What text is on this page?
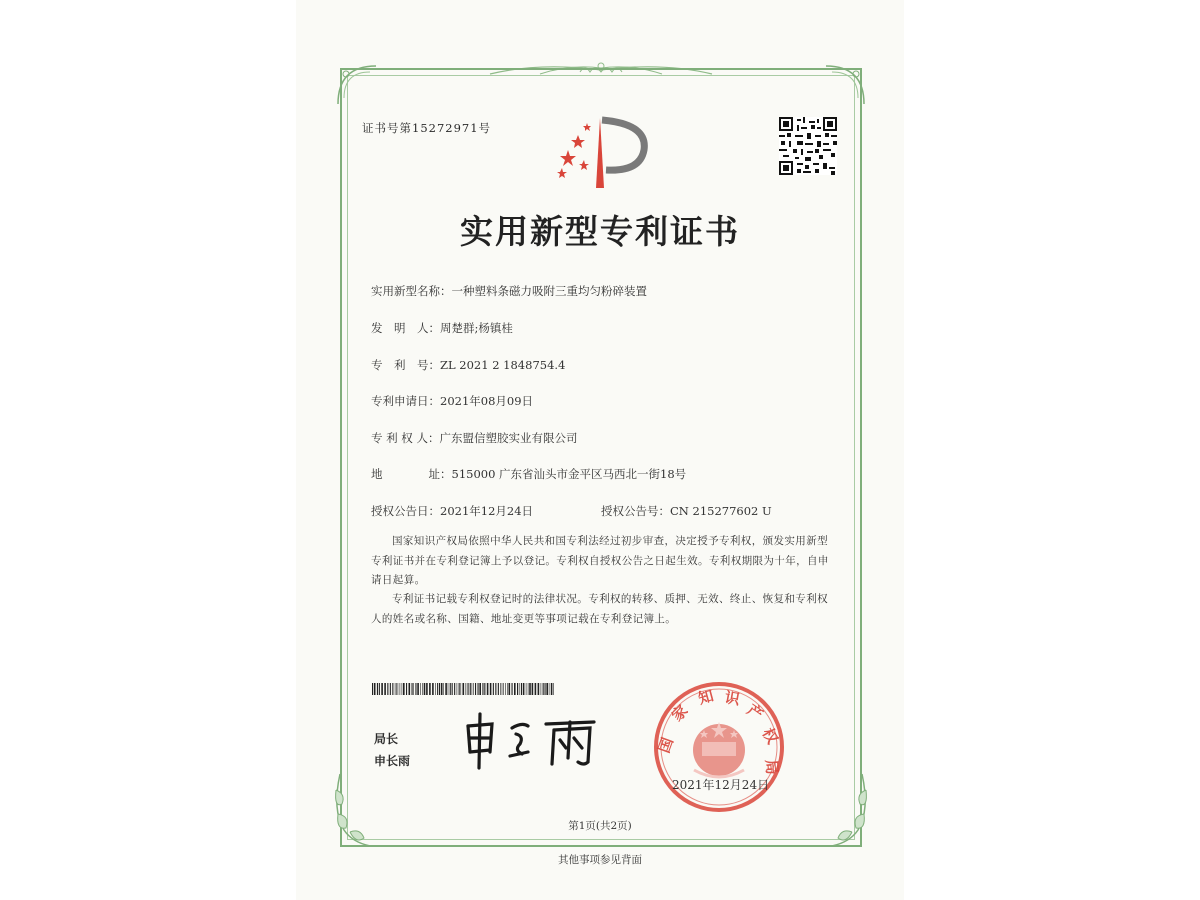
证书号第15272971号
实用新型专利证书
实用新型名称：一种塑料条磁力吸附三重均匀粉碎装置
发　明　人：周楚群;杨镇桂
专　利　号：ZL 2021 2 1848754.4
专利申请日：2021年08月09日
专 利 权 人：广东盟信塑胶实业有限公司
地　　　　址：515000 广东省汕头市金平区马西北一街18号
授权公告日：2021年12月24日	授权公告号：CN 215277602 U
国家知识产权局依照中华人民共和国专利法经过初步审查，决定授予专利权，颁发实用新型专利证书并在专利登记簿上予以登记。专利权自授权公告之日起生效。专利权期限为十年，自申请日起算。
专利证书记载专利权登记时的法律状况。专利权的转移、质押、无效、终止、恢复和专利权人的姓名或名称、国籍、地址变更等事项记载在专利登记簿上。
局长
申长雨
国
家
知 识
产
权
局
2021年12月24日
第1页(共2页)
其他事项参见背面
